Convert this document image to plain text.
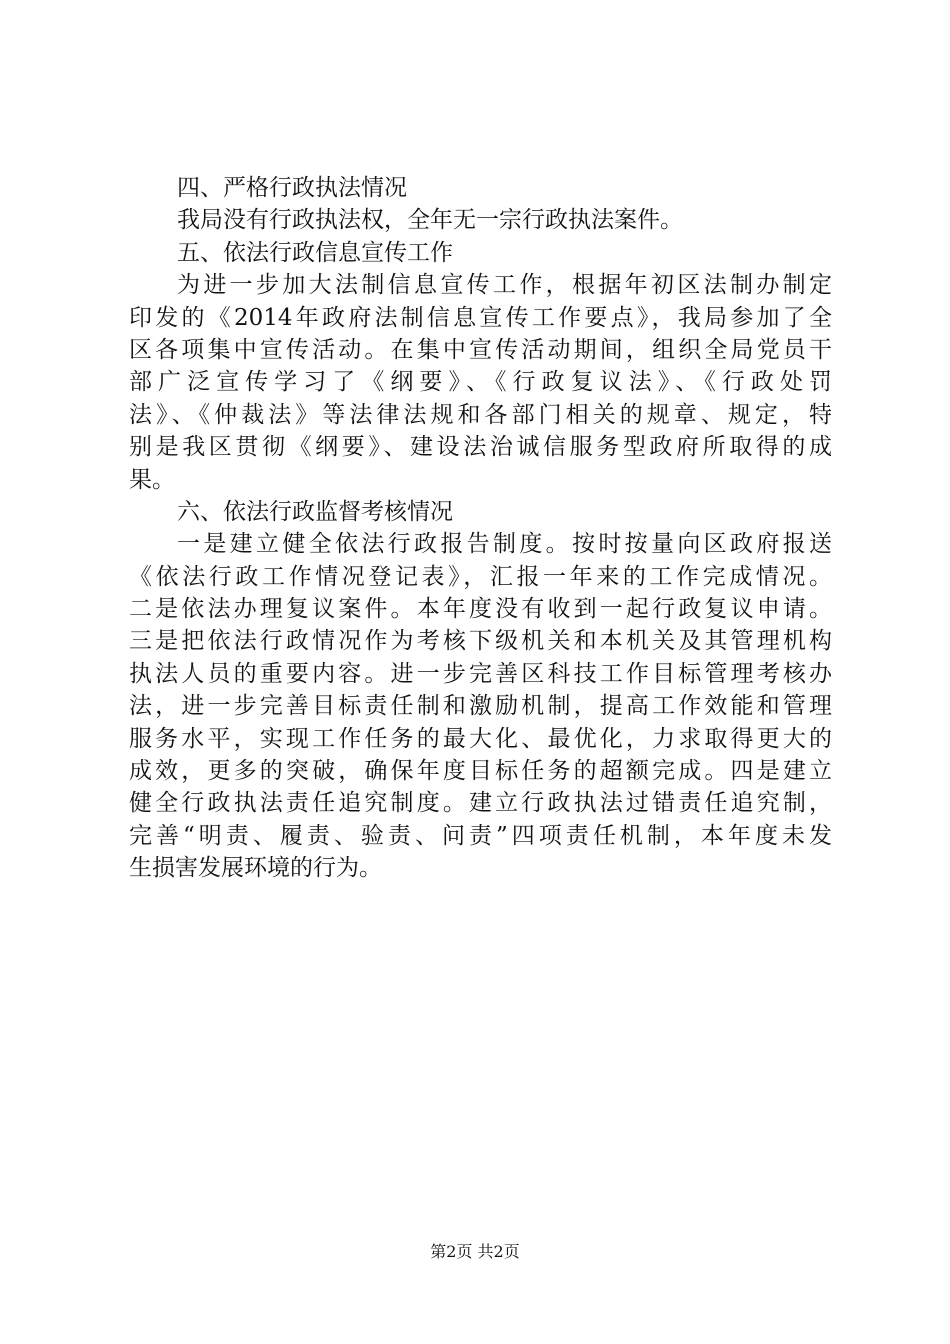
四、严格行政执法情况
我局没有行政执法权，全年无一宗行政执法案件。
五、依法行政信息宣传工作
为进一步加大法制信息宣传工作，根据年初区法制办制定
印发的《2014年政府法制信息宣传工作要点》，我局参加了全
区各项集中宣传活动。在集中宣传活动期间，组织全局党员干
部广泛宣传学习了《纲要》、《行政复议法》、《行政处罚
法》、《仲裁法》等法律法规和各部门相关的规章、规定，特
别是我区贯彻《纲要》、建设法治诚信服务型政府所取得的成
果。
六、依法行政监督考核情况
一是建立健全依法行政报告制度。按时按量向区政府报送
《依法行政工作情况登记表》，汇报一年来的工作完成情况。
二是依法办理复议案件。本年度没有收到一起行政复议申请。
三是把依法行政情况作为考核下级机关和本机关及其管理机构
执法人员的重要内容。进一步完善区科技工作目标管理考核办
法，进一步完善目标责任制和激励机制，提高工作效能和管理
服务水平，实现工作任务的最大化、最优化，力求取得更大的
成效，更多的突破，确保年度目标任务的超额完成。四是建立
健全行政执法责任追究制度。建立行政执法过错责任追究制，
完善“明责、履责、验责、问责”四项责任机制，本年度未发
生损害发展环境的行为。
第2页 共2页
